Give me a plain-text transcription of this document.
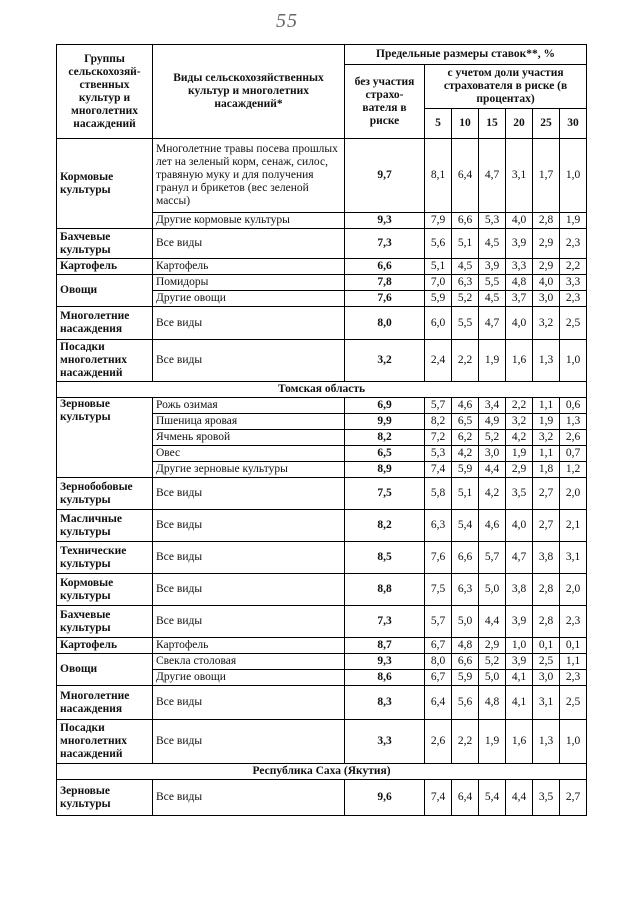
55
Группы сельскохозяй-ственных культур и многолетних насаждений	Виды сельскохозяйственных культур и многолетних насаждений*	Предельные размеры ставок**, %						
		без участия страхо-вателя в риске	с учетом доли участия страхователя в риске (в процентах)					
			5	10	15	20	25	30
Кормовые культуры	Многолетние травы посева прошлых лет на зеленый корм, сенаж, силос, травяную муку и для получения гранул и брикетов (вес зеленой массы)	9,7	8,1	6,4	4,7	3,1	1,7	1,0
	Другие кормовые культуры	9,3	7,9	6,6	5,3	4,0	2,8	1,9
Бахчевые культуры	Все виды	7,3	5,6	5,1	4,5	3,9	2,9	2,3
Картофель	Картофель	6,6	5,1	4,5	3,9	3,3	2,9	2,2
Овощи	Помидоры	7,8	7,0	6,3	5,5	4,8	4,0	3,3
	Другие овощи	7,6	5,9	5,2	4,5	3,7	3,0	2,3
Многолетние насаждения	Все виды	8,0	6,0	5,5	4,7	4,0	3,2	2,5
Посадки многолетних насаждений	Все виды	3,2	2,4	2,2	1,9	1,6	1,3	1,0
Томская область								
Зерновые культуры	Рожь озимая	6,9	5,7	4,6	3,4	2,2	1,1	0,6
	Пшеница яровая	9,9	8,2	6,5	4,9	3,2	1,9	1,3
	Ячмень яровой	8,2	7,2	6,2	5,2	4,2	3,2	2,6
	Овес	6,5	5,3	4,2	3,0	1,9	1,1	0,7
	Другие зерновые культуры	8,9	7,4	5,9	4,4	2,9	1,8	1,2
Зернобобовые культуры	Все виды	7,5	5,8	5,1	4,2	3,5	2,7	2,0
Масличные культуры	Все виды	8,2	6,3	5,4	4,6	4,0	2,7	2,1
Технические культуры	Все виды	8,5	7,6	6,6	5,7	4,7	3,8	3,1
Кормовые культуры	Все виды	8,8	7,5	6,3	5,0	3,8	2,8	2,0
Бахчевые культуры	Все виды	7,3	5,7	5,0	4,4	3,9	2,8	2,3
Картофель	Картофель	8,7	6,7	4,8	2,9	1,0	0,1	0,1
Овощи	Свекла столовая	9,3	8,0	6,6	5,2	3,9	2,5	1,1
	Другие овощи	8,6	6,7	5,9	5,0	4,1	3,0	2,3
Многолетние насаждения	Все виды	8,3	6,4	5,6	4,8	4,1	3,1	2,5
Посадки многолетних насаждений	Все виды	3,3	2,6	2,2	1,9	1,6	1,3	1,0
Республика Саха (Якутия)								
Зерновые культуры	Все виды	9,6	7,4	6,4	5,4	4,4	3,5	2,7
